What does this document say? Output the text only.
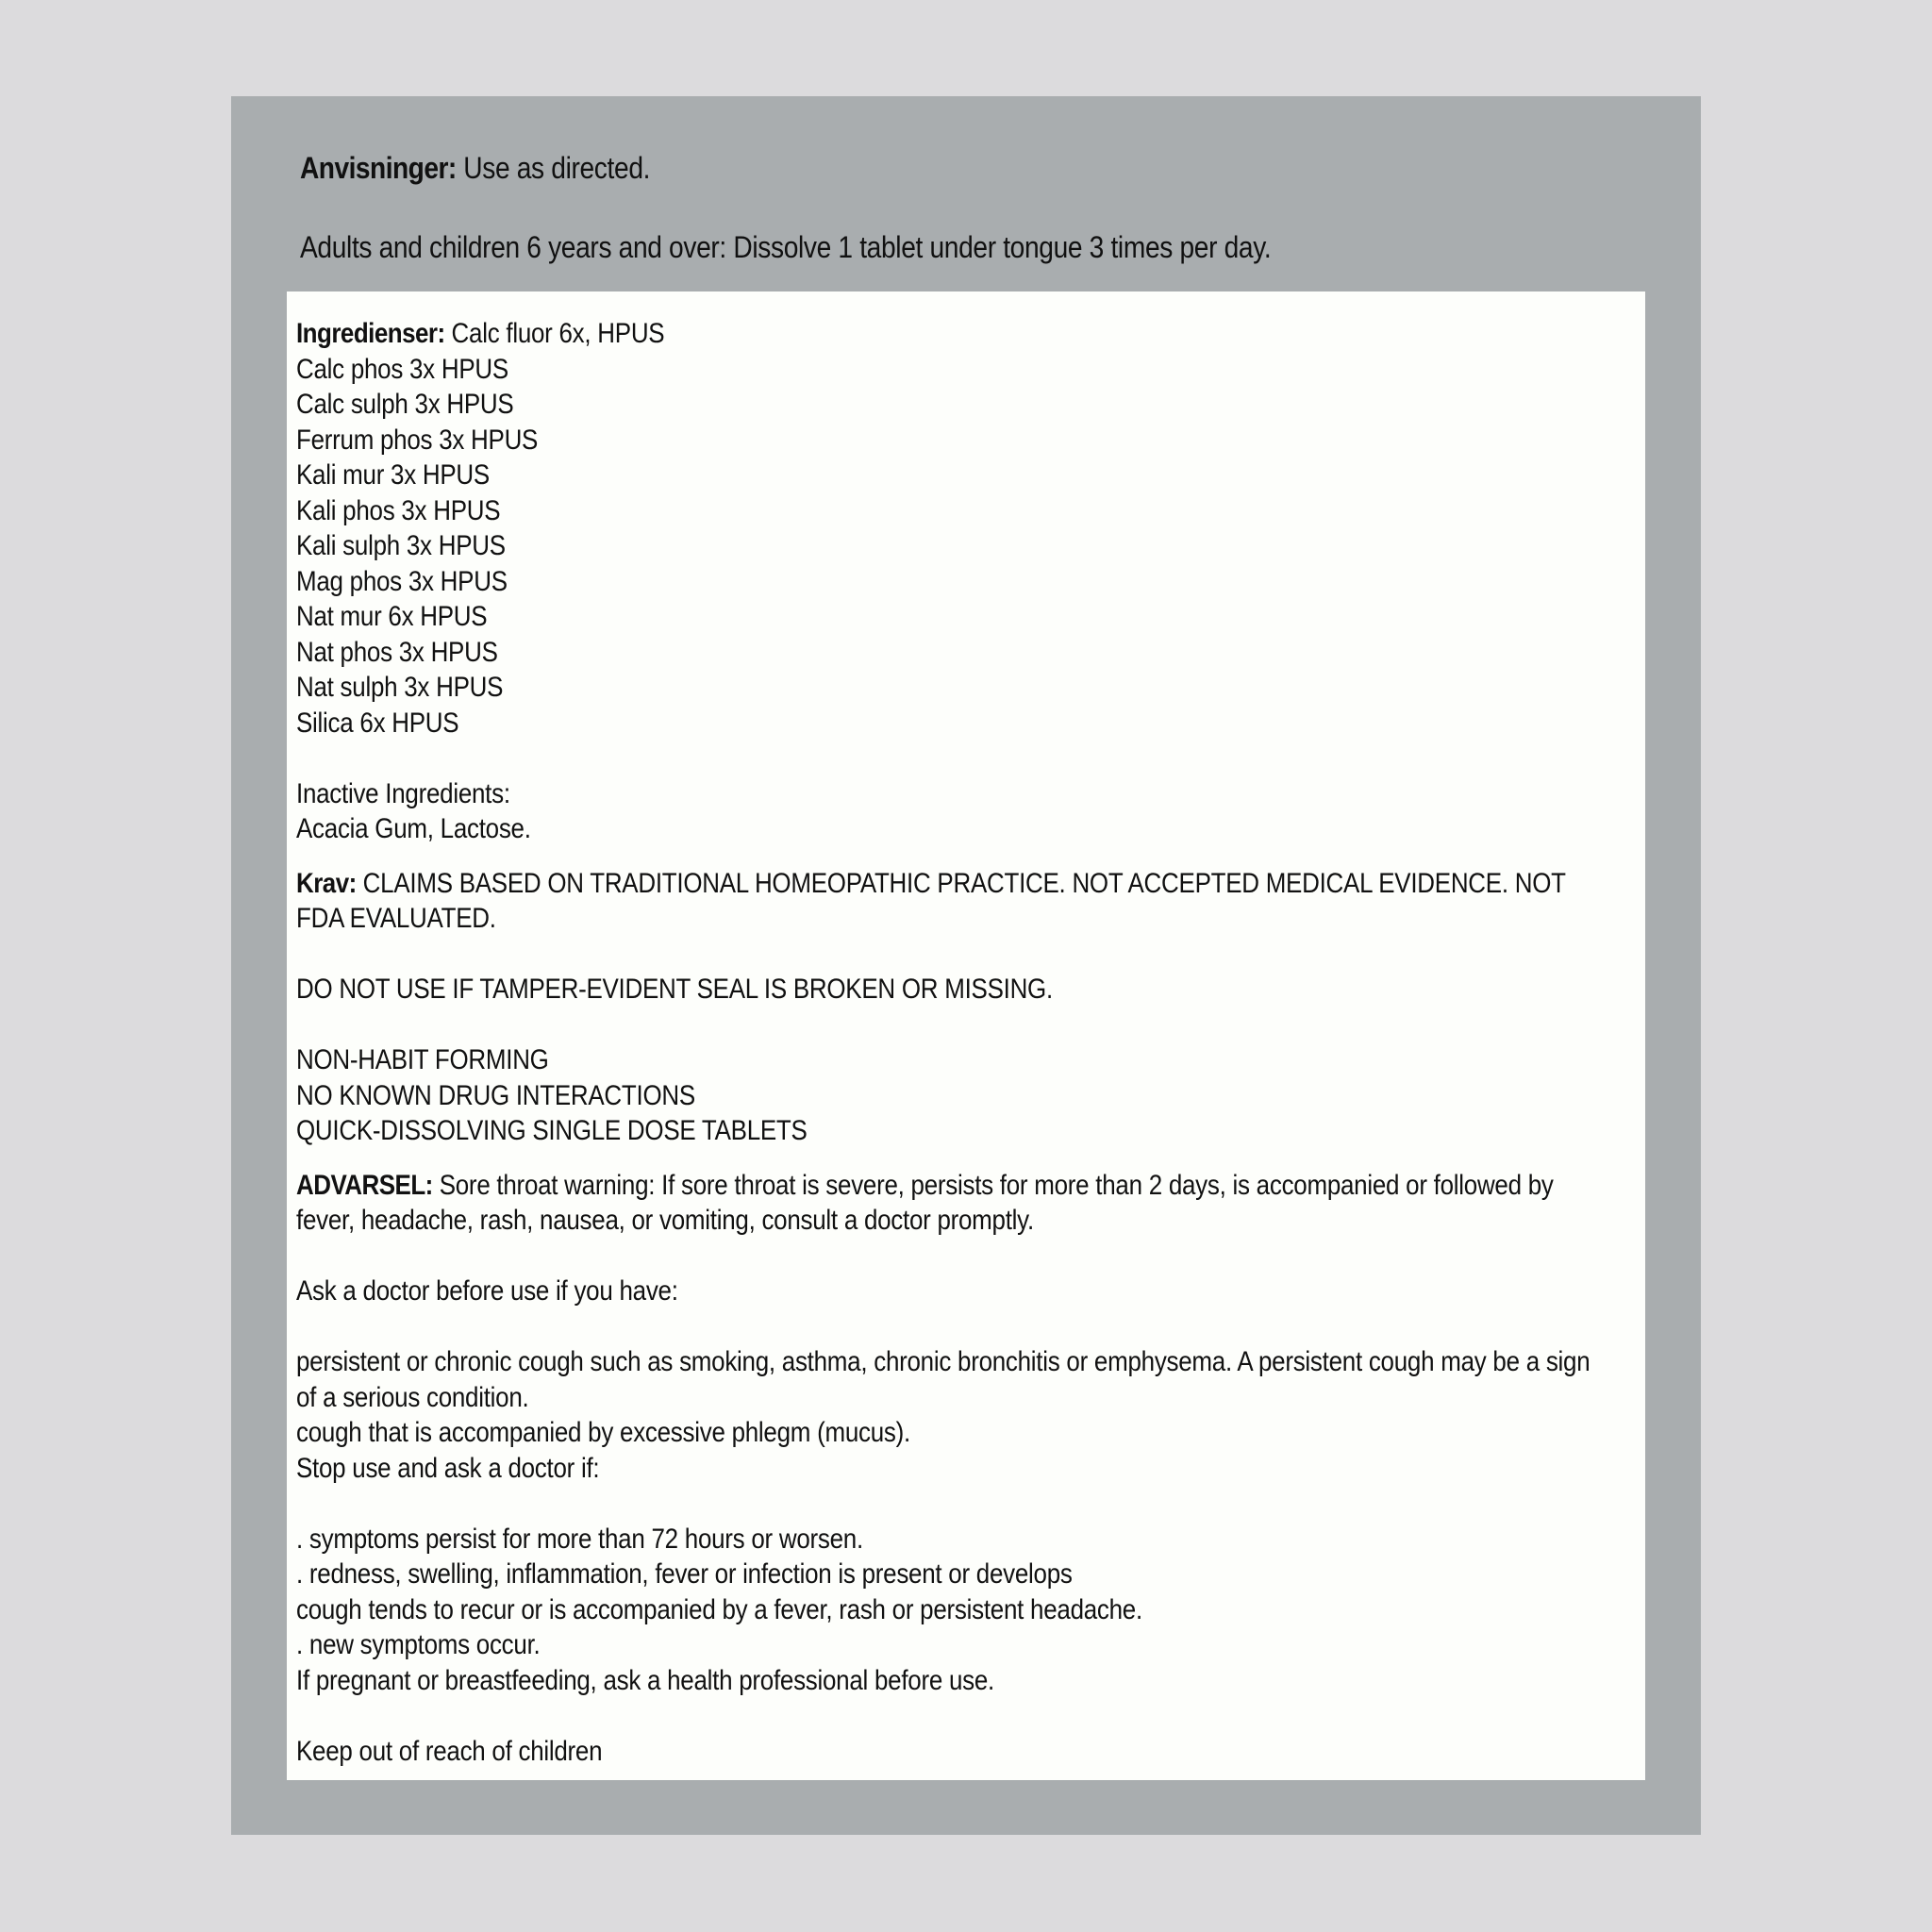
Anvisninger: Use as directed.

Adults and children 6 years and over: Dissolve 1 tablet under tongue 3 times per day.

Ingredienser: Calc fluor 6x, HPUS
Calc phos 3x HPUS
Calc sulph 3x HPUS
Ferrum phos 3x HPUS
Kali mur 3x HPUS
Kali phos 3x HPUS
Kali sulph 3x HPUS
Mag phos 3x HPUS
Nat mur 6x HPUS
Nat phos 3x HPUS
Nat sulph 3x HPUS
Silica 6x HPUS
Inactive Ingredients:
Acacia Gum, Lactose.
Krav: CLAIMS BASED ON TRADITIONAL HOMEOPATHIC PRACTICE. NOT ACCEPTED MEDICAL EVIDENCE. NOT FDA EVALUATED.
DO NOT USE IF TAMPER-EVIDENT SEAL IS BROKEN OR MISSING.
NON-HABIT FORMING
NO KNOWN DRUG INTERACTIONS
QUICK-DISSOLVING SINGLE DOSE TABLETS
ADVARSEL: Sore throat warning: If sore throat is severe, persists for more than 2 days, is accompanied or followed by fever, headache, rash, nausea, or vomiting, consult a doctor promptly.
Ask a doctor before use if you have:
persistent or chronic cough such as smoking, asthma, chronic bronchitis or emphysema. A persistent cough may be a sign of a serious condition.
cough that is accompanied by excessive phlegm (mucus).
Stop use and ask a doctor if:
. symptoms persist for more than 72 hours or worsen.
. redness, swelling, inflammation, fever or infection is present or develops
cough tends to recur or is accompanied by a fever, rash or persistent headache.
. new symptoms occur.
If pregnant or breastfeeding, ask a health professional before use.
Keep out of reach of children
